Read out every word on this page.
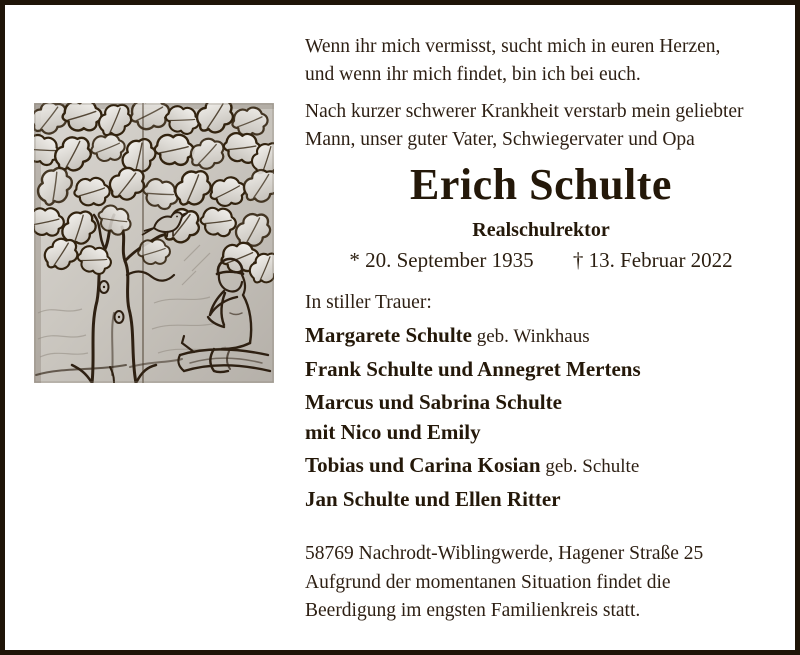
Wenn ihr mich vermisst, sucht mich in euren Herzen,
und wenn ihr mich findet, bin ich bei euch.
Nach kurzer schwerer Krankheit verstarb mein geliebter
Mann, unser guter Vater, Schwiegervater und Opa
Erich Schulte
Realschulrektor
* 20. September 1935 † 13. Februar 2022
In stiller Trauer:
Margarete Schulte geb. Winkhaus
Frank Schulte und Annegret Mertens
Marcus und Sabrina Schulte
mit Nico und Emily
Tobias und Carina Kosian geb. Schulte
Jan Schulte und Ellen Ritter
58769 Nachrodt-Wiblingwerde, Hagener Straße 25
Aufgrund der momentanen Situation findet die
Beerdigung im engsten Familienkreis statt.
